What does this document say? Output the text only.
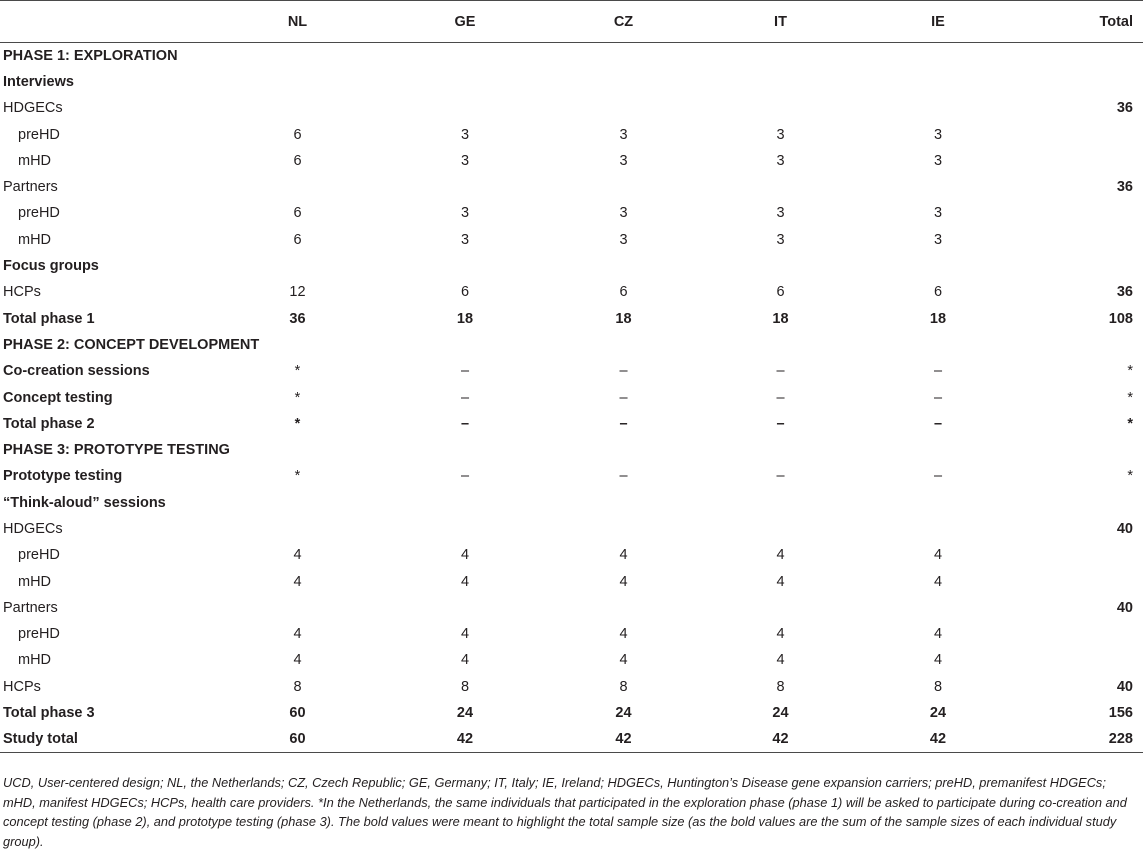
	NL	GE	CZ	IT	IE	Total
PHASE 1: EXPLORATION						
Interviews						
HDGECs						36
preHD	6	3	3	3	3	
mHD	6	3	3	3	3	
Partners						36
preHD	6	3	3	3	3	
mHD	6	3	3	3	3	
Focus groups						
HCPs	12	6	6	6	6	36
Total phase 1	36	18	18	18	18	108
PHASE 2: CONCEPT DEVELOPMENT						
Co-creation sessions	*	–	–	–	–	*
Concept testing	*	–	–	–	–	*
Total phase 2	*	–	–	–	–	*
PHASE 3: PROTOTYPE TESTING						
Prototype testing	*	–	–	–	–	*
“Think-aloud” sessions						
HDGECs						40
preHD	4	4	4	4	4	
mHD	4	4	4	4	4	
Partners						40
preHD	4	4	4	4	4	
mHD	4	4	4	4	4	
HCPs	8	8	8	8	8	40
Total phase 3	60	24	24	24	24	156
Study total	60	42	42	42	42	228
UCD, User-centered design; NL, the Netherlands; CZ, Czech Republic; GE, Germany; IT, Italy; IE, Ireland; HDGECs, Huntington’s Disease gene expansion carriers; preHD, premanifest HDGECs; mHD, manifest HDGECs; HCPs, health care providers. *In the Netherlands, the same individuals that participated in the exploration phase (phase 1) will be asked to participate during co-creation and concept testing (phase 2), and prototype testing (phase 3). The bold values were meant to highlight the total sample size (as the bold values are the sum of the sample sizes of each individual study group).
